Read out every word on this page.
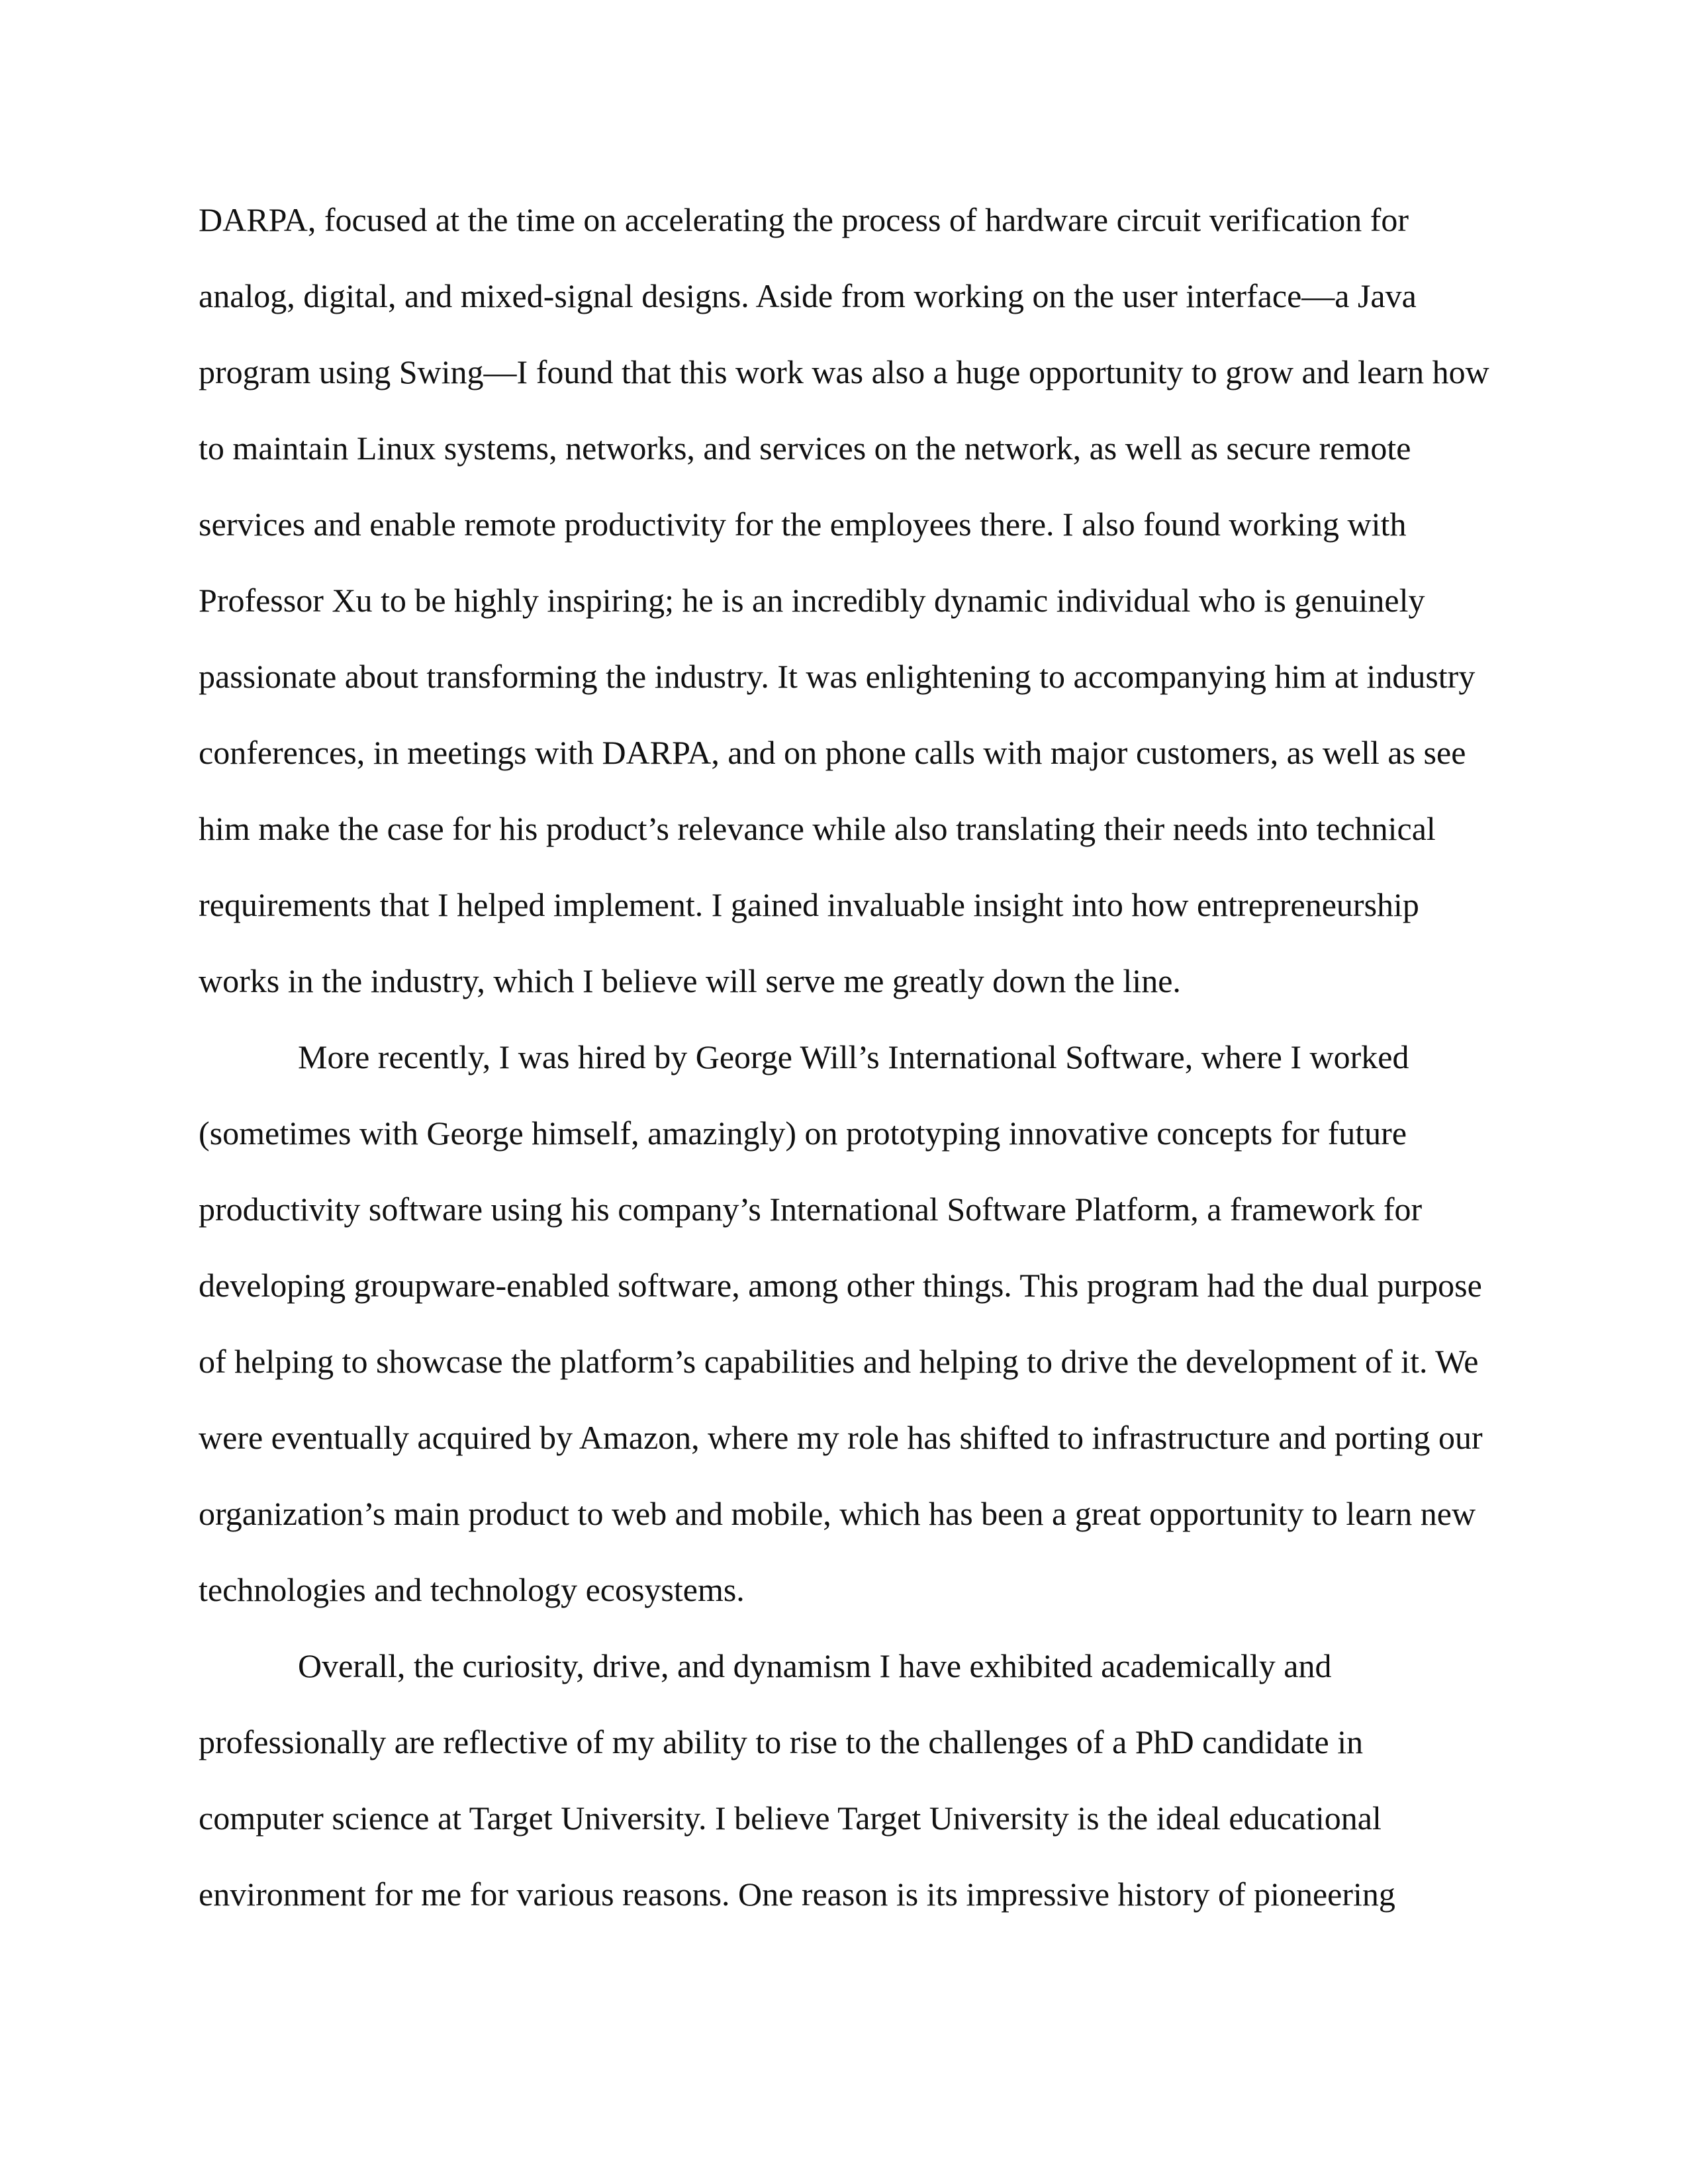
DARPA, focused at the time on accelerating the process of hardware circuit verification for
analog, digital, and mixed-signal designs. Aside from working on the user interface—a Java
program using Swing—I found that this work was also a huge opportunity to grow and learn how
to maintain Linux systems, networks, and services on the network, as well as secure remote
services and enable remote productivity for the employees there. I also found working with
Professor Xu to be highly inspiring; he is an incredibly dynamic individual who is genuinely
passionate about transforming the industry. It was enlightening to accompanying him at industry
conferences, in meetings with DARPA, and on phone calls with major customers, as well as see
him make the case for his product’s relevance while also translating their needs into technical
requirements that I helped implement. I gained invaluable insight into how entrepreneurship
works in the industry, which I believe will serve me greatly down the line.
More recently, I was hired by George Will’s International Software, where I worked
(sometimes with George himself, amazingly) on prototyping innovative concepts for future
productivity software using his company’s International Software Platform, a framework for
developing groupware-enabled software, among other things. This program had the dual purpose
of helping to showcase the platform’s capabilities and helping to drive the development of it. We
were eventually acquired by Amazon, where my role has shifted to infrastructure and porting our
organization’s main product to web and mobile, which has been a great opportunity to learn new
technologies and technology ecosystems.
Overall, the curiosity, drive, and dynamism I have exhibited academically and
professionally are reflective of my ability to rise to the challenges of a PhD candidate in
computer science at Target University. I believe Target University is the ideal educational
environment for me for various reasons. One reason is its impressive history of pioneering
